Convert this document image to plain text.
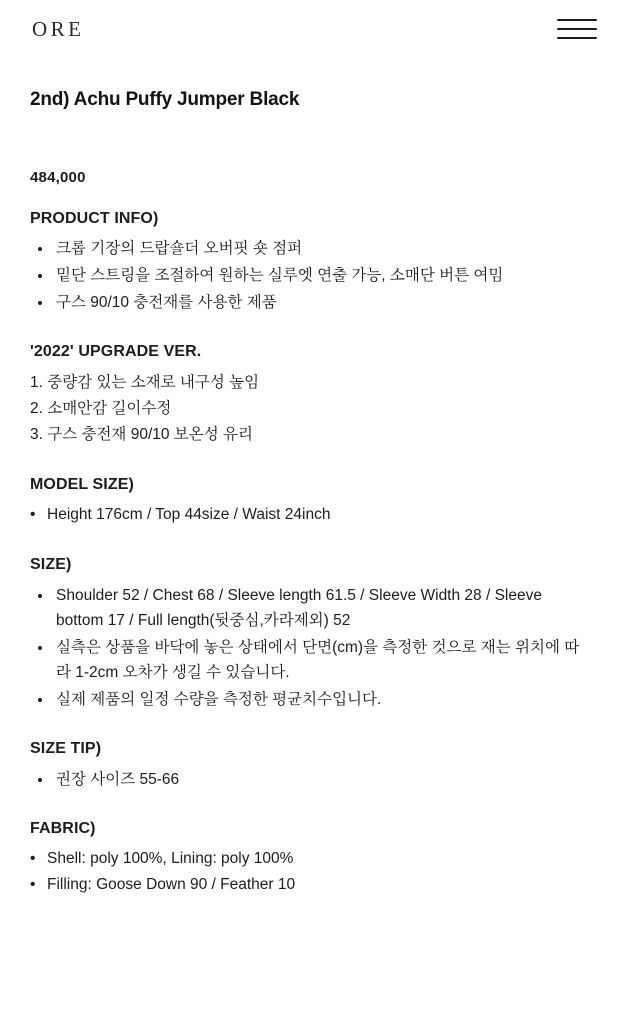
ORE
2nd) Achu Puffy Jumper Black
484,000
PRODUCT INFO)
크롭 기장의 드랍숄더 오버핏 숏 점퍼
밑단 스트링을 조절하여 원하는 실루엣 연출 가능, 소매단 버튼 여밈
구스 90/10 충전재를 사용한 제품
'2022' UPGRADE VER.
1. 중량감 있는 소재로 내구성 높임
2. 소매안감 길이수정
3. 구스 충전재 90/10 보온성 유리
MODEL SIZE)
• Height 176cm / Top 44size / Waist 24inch
SIZE)
Shoulder 52 / Chest 68 / Sleeve length 61.5 / Sleeve Width 28 / Sleeve bottom 17 / Full length(뒷중심,카라제외) 52
실측은 상품을 바닥에 놓은 상태에서 단면(cm)을 측정한 것으로 재는 위치에 따라 1-2cm 오차가 생길 수 있습니다.
실제 제품의 일정 수량을 측정한 평균치수입니다.
SIZE TIP)
권장 사이즈 55-66
FABRIC)
• Shell: poly 100%, Lining: poly 100%
• Filling: Goose Down 90 / Feather 10
